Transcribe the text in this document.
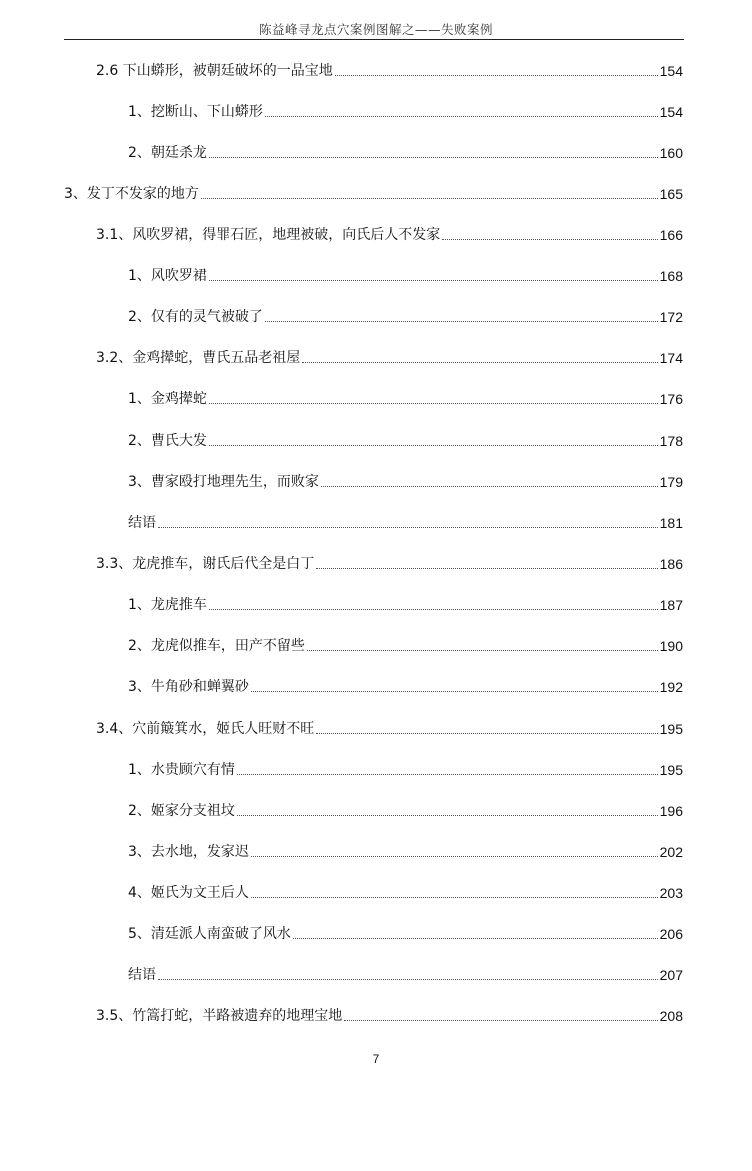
陈益峰寻龙点穴案例图解之——失败案例
2.6 下山蟒形，被朝廷破坏的一品宝地	154
1、挖断山、下山蟒形	154
2、朝廷杀龙	160
3、发丁不发家的地方	165
3.1、风吹罗裙，得罪石匠，地理被破，向氏后人不发家	166
1、风吹罗裙	168
2、仅有的灵气被破了	172
3.2、金鸡撵蛇，曹氏五品老祖屋	174
1、金鸡撵蛇	176
2、曹氏大发	178
3、曹家殴打地理先生，而败家	179
结语	181
3.3、龙虎推车，谢氏后代全是白丁	186
1、龙虎推车	187
2、龙虎似推车，田产不留些	190
3、牛角砂和蝉翼砂	192
3.4、穴前簸箕水，姬氏人旺财不旺	195
1、水贵顾穴有情	195
2、姬家分支祖坟	196
3、去水地，发家迟	202
4、姬氏为文王后人	203
5、清廷派人南蛮破了风水	206
结语	207
3.5、竹篙打蛇，半路被遗弃的地理宝地	208
7
